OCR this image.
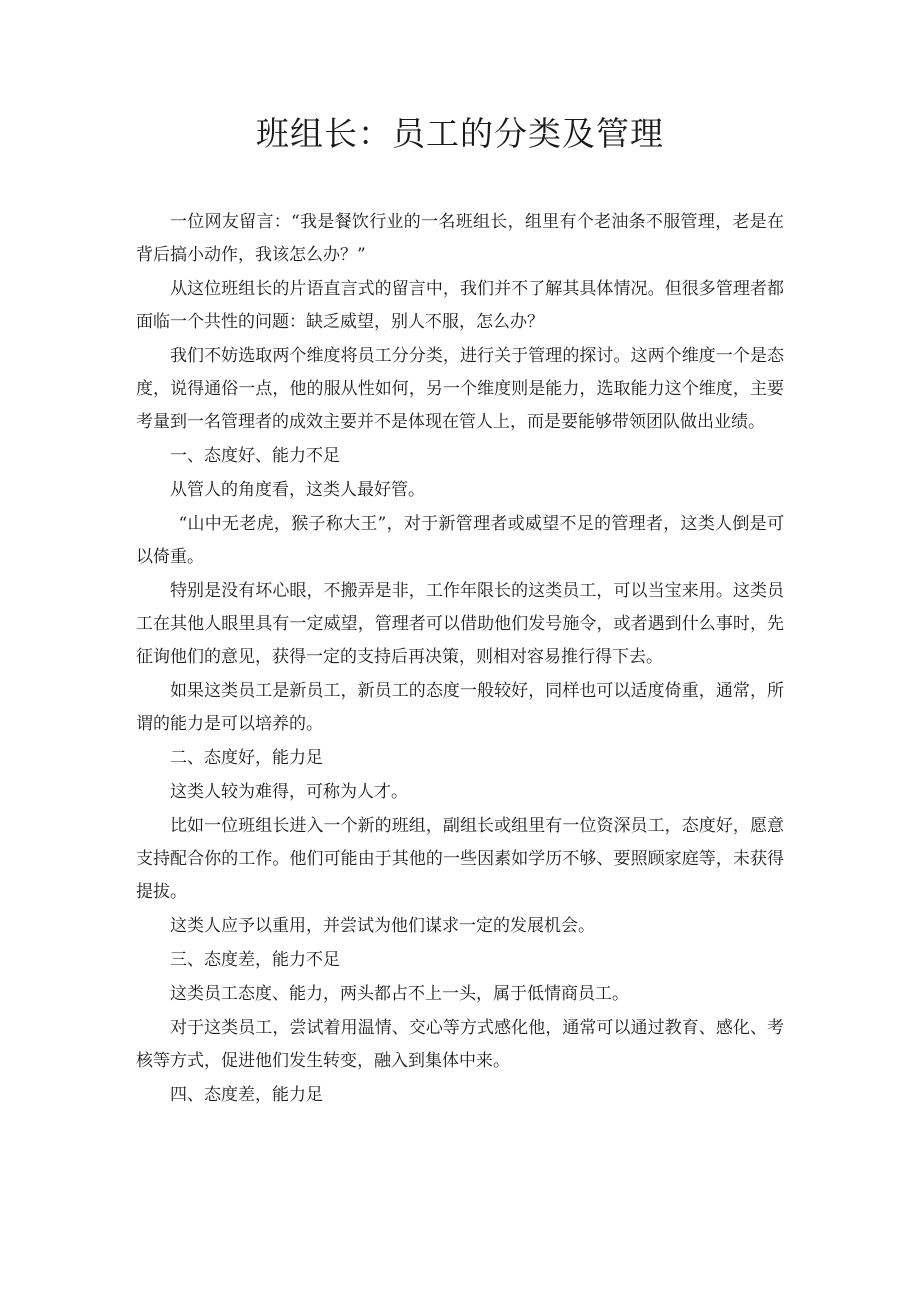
班组长：员工的分类及管理

一位网友留言：“我是餐饮行业的一名班组长，组里有个老油条不服管理，老是在背后搞小动作，我该怎么办？”

从这位班组长的片语直言式的留言中，我们并不了解其具体情况。但很多管理者都面临一个共性的问题：缺乏威望，别人不服，怎么办？

我们不妨选取两个维度将员工分分类，进行关于管理的探讨。这两个维度一个是态度，说得通俗一点，他的服从性如何，另一个维度则是能力，选取能力这个维度，主要考量到一名管理者的成效主要并不是体现在管人上，而是要能够带领团队做出业绩。

一、态度好、能力不足

从管人的角度看，这类人最好管。

“山中无老虎，猴子称大王”，对于新管理者或威望不足的管理者，这类人倒是可以倚重。

特别是没有坏心眼，不搬弄是非，工作年限长的这类员工，可以当宝来用。这类员工在其他人眼里具有一定威望，管理者可以借助他们发号施令，或者遇到什么事时，先征询他们的意见，获得一定的支持后再决策，则相对容易推行得下去。

如果这类员工是新员工，新员工的态度一般较好，同样也可以适度倚重，通常，所谓的能力是可以培养的。

二、态度好，能力足

这类人较为难得，可称为人才。

比如一位班组长进入一个新的班组，副组长或组里有一位资深员工，态度好，愿意支持配合你的工作。他们可能由于其他的一些因素如学历不够、要照顾家庭等，未获得提拔。

这类人应予以重用，并尝试为他们谋求一定的发展机会。

三、态度差，能力不足

这类员工态度、能力，两头都占不上一头，属于低情商员工。

对于这类员工，尝试着用温情、交心等方式感化他，通常可以通过教育、感化、考核等方式，促进他们发生转变，融入到集体中来。

四、态度差，能力足
